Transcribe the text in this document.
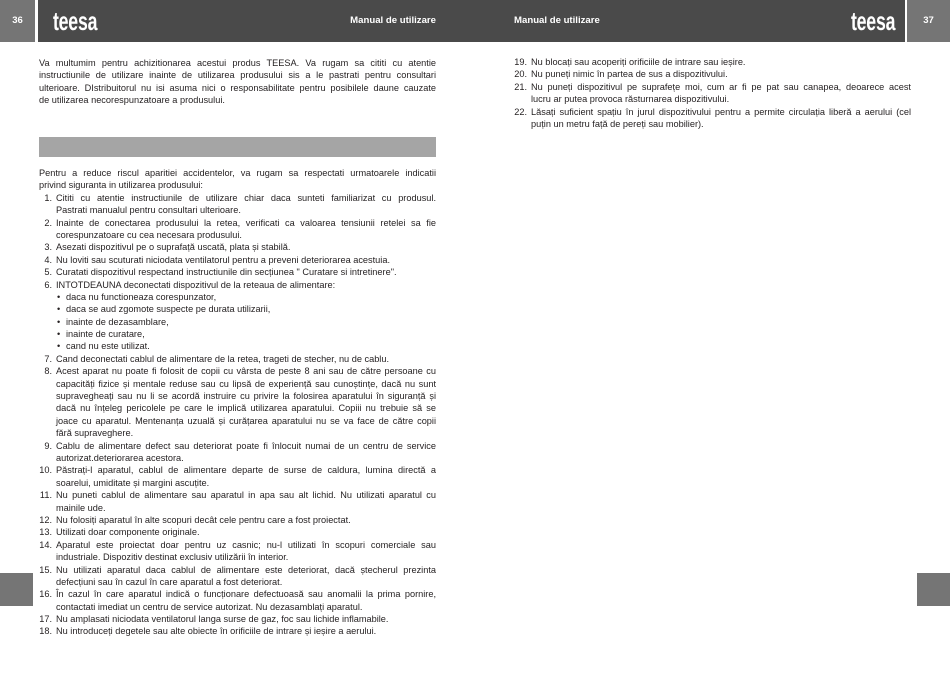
36	teesa	Manual de utilizare	Manual de utilizare	teesa	37
Va multumim pentru achizitionarea acestui produs TEESA. Va rugam sa cititi cu atentie
instructiunile de utilizare inainte de utilizarea produsului sis a le pastrati pentru consultari
ulterioare. DIstribuitorul nu isi asuma nici o responsabilitate pentru posibilele daune cauzate
de utilizarea necorespunzatoare a produsului.
Pentru a reduce riscul aparitiei accidentelor, va rugam sa respectati urmatoarele indicatii
privind siguranta in utilizarea produsului:
1. Cititi cu atentie instructiunile de utilizare chiar daca sunteti familiarizat cu produsul.
Pastrati manualul pentru consultari ulterioare.
2. Inainte de conectarea produsului la retea, verificati ca valoarea tensiunii retelei sa fie
corespunzatoare cu cea necesara produsului.
3. Asezati dispozitivul pe o suprafață uscată, plata și stabilă.
4. Nu loviti sau scuturati niciodata ventilatorul pentru a preveni deteriorarea acestuia.
5. Curatati dispozitivul respectand instructiunile din secțiunea " Curatare si intretinere".
6. INTOTDEAUNA deconectati dispozitivul de la reteaua de alimentare:
• daca nu functioneaza corespunzator,
• daca se aud zgomote suspecte pe durata utilizarii,
• inainte de dezasamblare,
• inainte de curatare,
• cand nu este utilizat.
7. Cand deconectati cablul de alimentare de la retea, trageti de stecher, nu de cablu.
8. Acest aparat nu poate fi folosit de copii cu vârsta de peste 8 ani sau de către persoane cu
capacități fizice și mentale reduse sau cu lipsă de experiență sau cunoștințe, dacă nu sunt
supravegheați sau nu li se acordă instruire cu privire la folosirea aparatului în siguranță și
dacă nu înțeleg pericolele pe care le implică utilizarea aparatului. Copiii nu trebuie să se
joace cu aparatul. Mentenanța uzuală și curățarea aparatului nu se va face de către copii
fără supraveghere.
9. Cablu de alimentare defect sau deteriorat poate fi înlocuit numai de un centru de service
autorizat.deteriorarea acestora.
10. Păstrați-l aparatul, cablul de alimentare departe de surse de caldura, lumina directă a
soarelui, umiditate și margini ascuțite.
11. Nu puneti cablul de alimentare sau aparatul in apa sau alt lichid. Nu utilizati aparatul cu
mainile ude.
12. Nu folosiți aparatul în alte scopuri decât cele pentru care a fost proiectat.
13. Utilizati doar componente originale.
14. Aparatul este proiectat doar pentru uz casnic; nu-l utilizati în scopuri comerciale sau
industriale. Dispozitiv destinat exclusiv utilizării în interior.
15. Nu utilizati aparatul daca cablul de alimentare este deteriorat, dacă ștecherul prezinta
defecțiuni sau în cazul în care aparatul a fost deteriorat.
16. În cazul în care aparatul indică o funcționare defectuoasă sau anomalii la prima pornire,
contactati imediat un centru de service autorizat. Nu dezasamblați aparatul.
17. Nu amplasati niciodata ventilatorul langa surse de gaz, foc sau lichide inflamabile.
18. Nu introduceți degetele sau alte obiecte în orificiile de intrare și ieșire a aerului.
19. Nu blocați sau acoperiți orificiile de intrare sau ieșire.
20. Nu puneți nimic în partea de sus a dispozitivului.
21. Nu puneți dispozitivul pe suprafețe moi, cum ar fi pe pat sau canapea, deoarece acest
lucru ar putea provoca răsturnarea dispozitivului.
22. Lăsați suficient spațiu în jurul dispozitivului pentru a permite circulația liberă a aerului (cel
puțin un metru față de pereți sau mobilier).
